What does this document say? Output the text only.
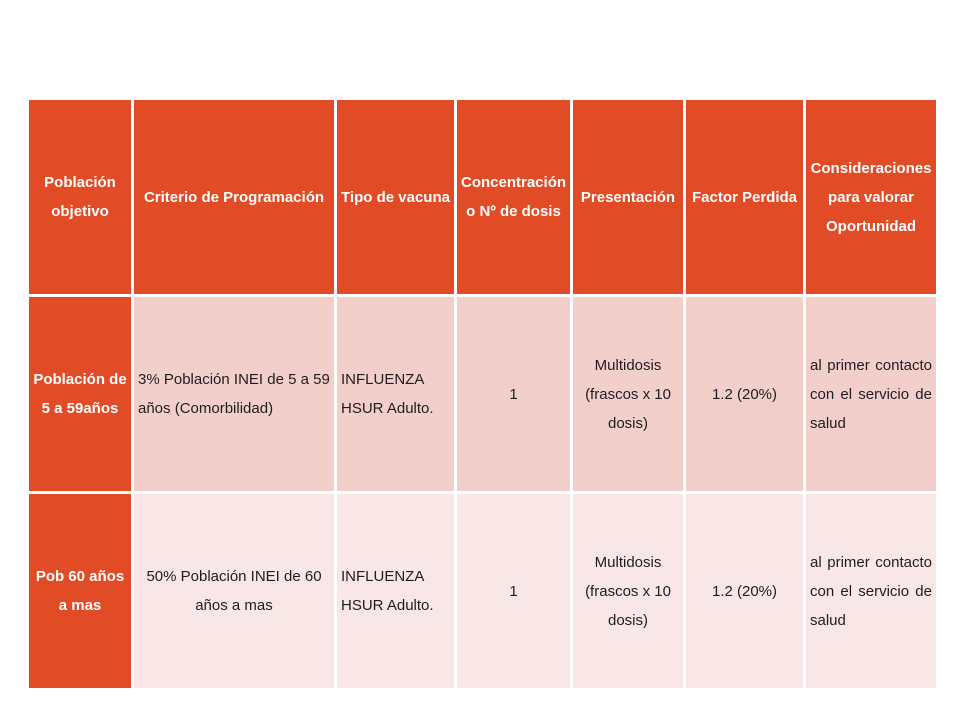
Población objetivo	Criterio de Programación	Tipo de vacuna	Concentración o Nº de dosis	Presentación	Factor Perdida	Consideraciones para valorar Oportunidad
Población de 5 a 59años	3% Población INEI de 5 a 59 años (Comorbilidad)	INFLUENZA HSUR Adulto.	1	Multidosis (frascos x 10 dosis)	1.2 (20%)	al primer contacto con el servicio de salud
Pob 60 años a mas	50% Población INEI de 60 años a mas	INFLUENZA HSUR Adulto.	1	Multidosis (frascos x 10 dosis)	1.2 (20%)	al primer contacto con el servicio de salud
